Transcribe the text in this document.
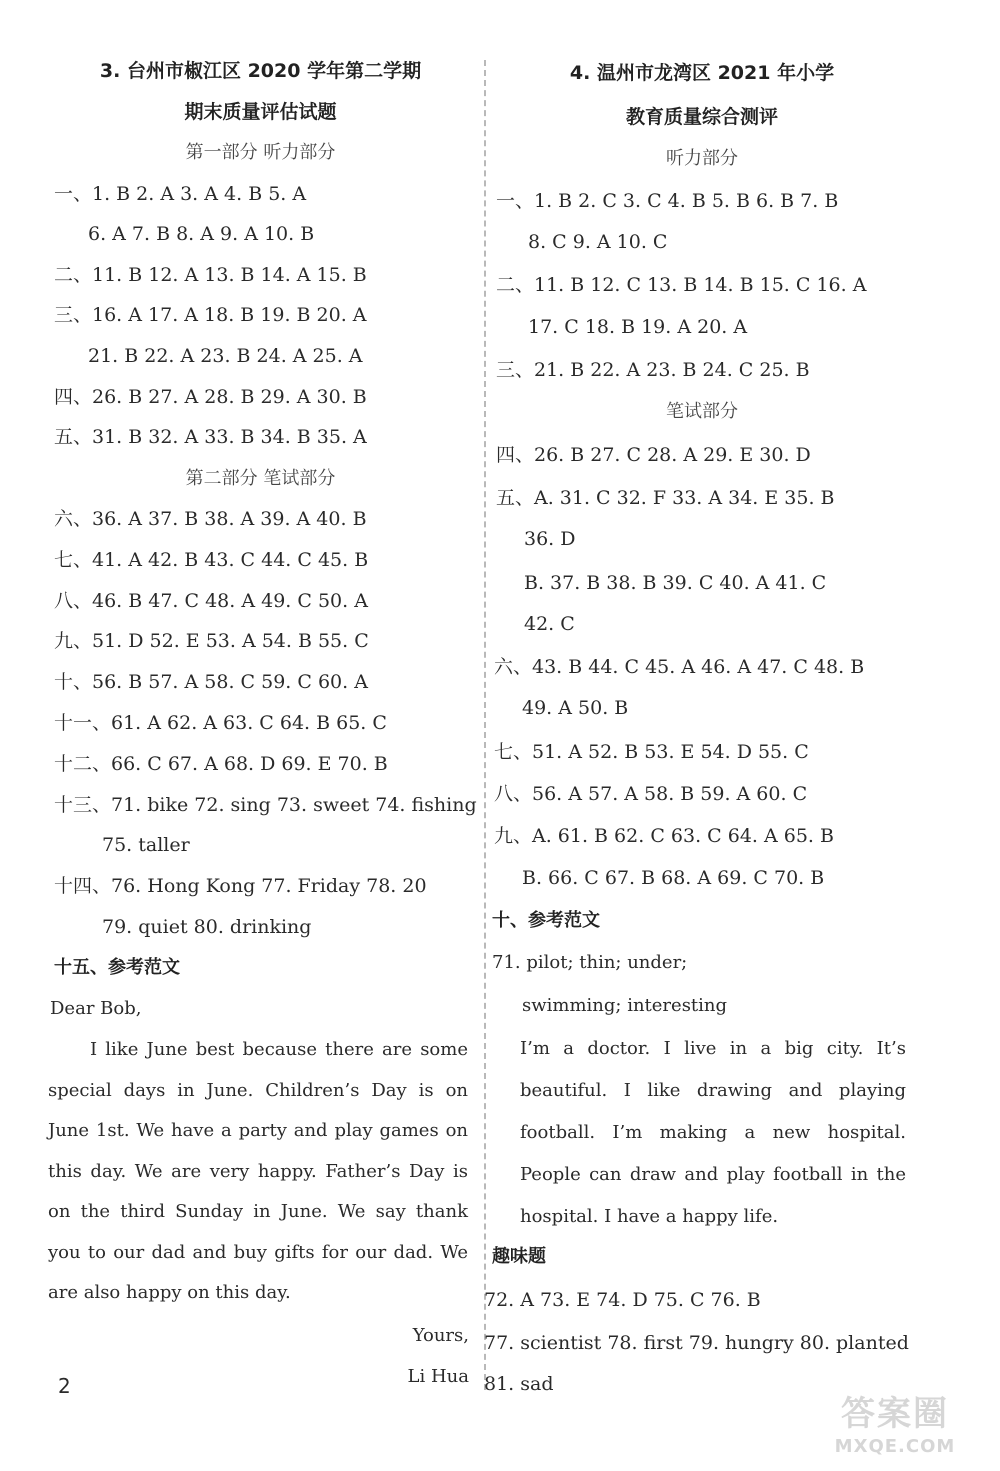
3. 台州市椒江区 2020 学年第二学期
期末质量评估试题
第一部分 听力部分
一、1. B 2. A 3. A 4. B 5. A
6. A 7. B 8. A 9. A 10. B
二、11. B 12. A 13. B 14. A 15. B
三、16. A 17. A 18. B 19. B 20. A
21. B 22. A 23. B 24. A 25. A
四、26. B 27. A 28. B 29. A 30. B
五、31. B 32. A 33. B 34. B 35. A
第二部分 笔试部分
六、36. A 37. B 38. A 39. A 40. B
七、41. A 42. B 43. C 44. C 45. B
八、46. B 47. C 48. A 49. C 50. A
九、51. D 52. E 53. A 54. B 55. C
十、56. B 57. A 58. C 59. C 60. A
十一、61. A 62. A 63. C 64. B 65. C
十二、66. C 67. A 68. D 69. E 70. B
十三、71. bike 72. sing 73. sweet 74. fishing
75. taller
十四、76. Hong Kong 77. Friday 78. 20
79. quiet 80. drinking
十五、参考范文
Dear Bob,
I like June best because there are some special days in June. Children’s Day is on June 1st. We have a party and play games on this day. We are very happy. Father’s Day is on the third Sunday in June. We say thank you to our dad and buy gifts for our dad. We are also happy on this day.
Yours,
Li Hua
4. 温州市龙湾区 2021 年小学
教育质量综合测评
听力部分
一、1. B 2. C 3. C 4. B 5. B 6. B 7. B
8. C 9. A 10. C
二、11. B 12. C 13. B 14. B 15. C 16. A
17. C 18. B 19. A 20. A
三、21. B 22. A 23. B 24. C 25. B
笔试部分
四、26. B 27. C 28. A 29. E 30. D
五、A. 31. C 32. F 33. A 34. E 35. B
36. D
B. 37. B 38. B 39. C 40. A 41. C
42. C
六、43. B 44. C 45. A 46. A 47. C 48. B
49. A 50. B
七、51. A 52. B 53. E 54. D 55. C
八、56. A 57. A 58. B 59. A 60. C
九、A. 61. B 62. C 63. C 64. A 65. B
B. 66. C 67. B 68. A 69. C 70. B
十、参考范文
71. pilot; thin; under;
swimming; interesting
I’m a doctor. I live in a big city. It’s beautiful. I like drawing and playing football. I’m making a new hospital. People can draw and play football in the hospital. I have a happy life.
趣味题
72. A 73. E 74. D 75. C 76. B
77. scientist 78. first 79. hungry 80. planted
81. sad
2
答案圈
MXQE.COM
